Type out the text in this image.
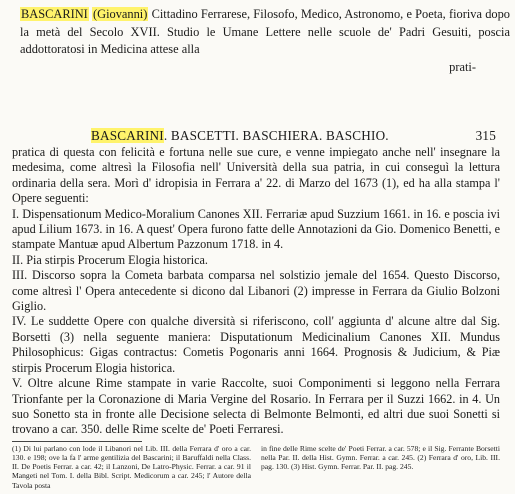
BASCARINI (Giovanni) Cittadino Ferrarese, Filosofo, Medico, Astronomo, e Poeta, fioriva dopo la metà del Secolo XVII. Studio le Umane Lettere nelle scuole de' Padri Gesuiti, poscia addottoratosi in Medicina attese alla
prati-
BASCARINI. BASCETTI. BASCHIERA. BASCHIO.	315

pratica di questa con felicità e fortuna nelle sue cure, e venne impiegato anche nell' insegnare la medesima, come altresì la Filosofia nell' Università della sua patria, in cui conseguì la lettura ordinaria della sera. Morì d' idropisia in Ferrara a' 22. di Marzo del 1673 (1), ed ha alla stampa l' Opere seguenti:

I. Dispensationum Medico-Moralium Canones XII. Ferrariæ apud Suzzium 1661. in 16. e poscia ivi apud Lilium 1673. in 16. A quest' Opera furono fatte delle Annotazioni da Gio. Domenico Benetti, e stampate Mantuæ apud Albertum Pazzonum 1718. in 4.

II. Pia stirpis Procerum Elogia historica.

III. Discorso sopra la Cometa barbata comparsa nel solstizio jemale del 1654. Questo Discorso, come altresì l' Opera antecedente si dicono dal Libanori (2) impresse in Ferrara da Giulio Bolzoni Giglio.

IV. Le suddette Opere con qualche diversità si riferiscono, coll' aggiunta d' alcune altre dal Sig. Borsetti (3) nella seguente maniera: Disputationum Medicinalium Canones XII. Mundus Philosophicus: Gigas contractus: Cometis Pogonaris anni 1664. Prognosis & Judicium, & Piæ stirpis Procerum Elogia historica.

V. Oltre alcune Rime stampate in varie Raccolte, suoi Componimenti si leggono nella Ferrara Trionfante per la Coronazione di Maria Vergine del Rosario. In Ferrara per il Suzzi 1662. in 4. Un suo Sonetto sta in fronte alle Decisione selecta di Belmonte Belmonti, ed altri due suoi Sonetti si trovano a car. 350. delle Rime scelte de' Poeti Ferraresi.

(1) Di lui parlano con lode il Libanori nel Lib. III. della Ferrara d' oro a car. 130. e 198; ove la fa l' arme gentilizia del Bascarini; il Baruffaldi nella Class. II. De Poetis Ferrar. a car. 42; il Lanzoni, De Latro-Physic. Ferrar. a car. 91 il Mangeti nel Tom. I. della Bibl. Script. Medicorum a car. 245; l' Autore della Tavola posta

in fine delle Rime scelte de' Poeti Ferrar. a car. 578; e il Sig. Ferrante Borsetti nella Par. II. della Hist. Gymn. Ferrar. a car. 245. (2) Ferrara d' oro, Lib. III. pag. 130. (3) Hist. Gymn. Ferrar. Par. II. pag. 245.
